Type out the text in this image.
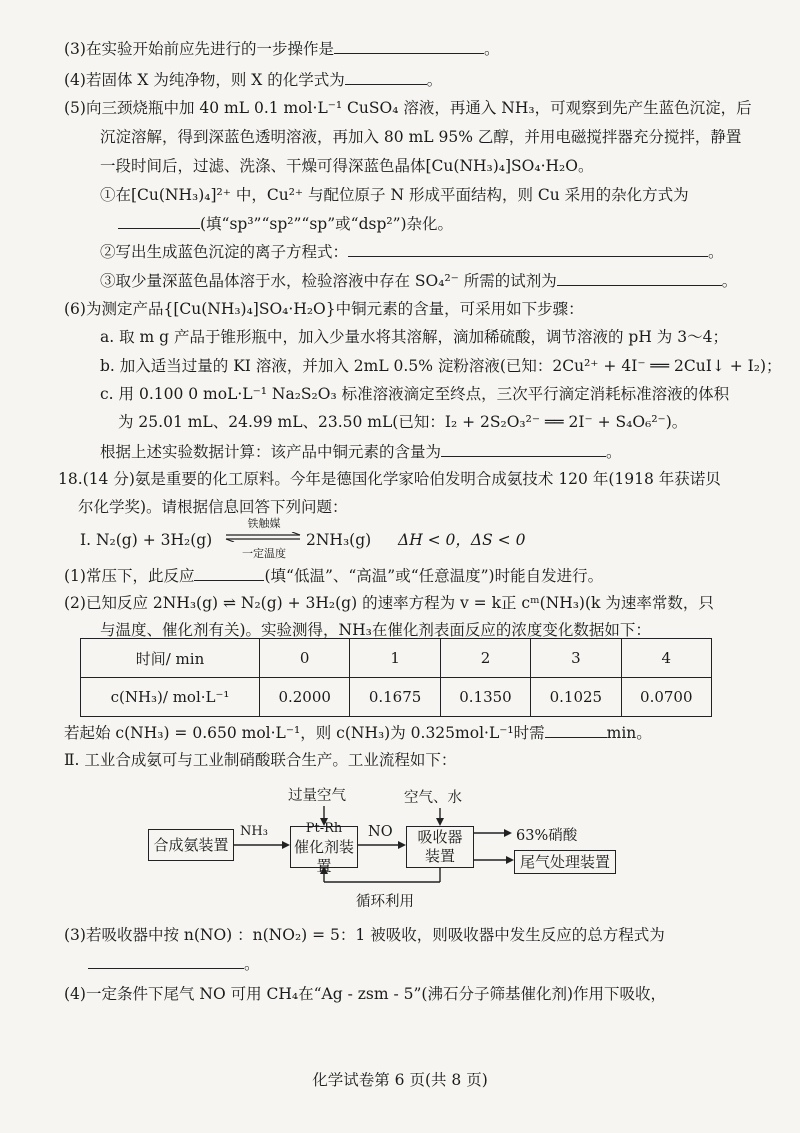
(3)在实验开始前应先进行的一步操作是	。
(4)若固体 X 为纯净物，则 X 的化学式为	。
(5)向三颈烧瓶中加 40 mL 0.1 mol·L⁻¹ CuSO₄ 溶液，再通入 NH₃，可观察到先产生蓝色沉淀，后
沉淀溶解，得到深蓝色透明溶液，再加入 80 mL 95% 乙醇，并用电磁搅拌器充分搅拌，静置
一段时间后，过滤、洗涤、干燥可得深蓝色晶体[Cu(NH₃)₄]SO₄·H₂O。
①在[Cu(NH₃)₄]²⁺ 中，Cu²⁺ 与配位原子 N 形成平面结构，则 Cu 采用的杂化方式为
(填“sp³”“sp²”“sp”或“dsp²”)杂化。
②写出生成蓝色沉淀的离子方程式：	。
③取少量深蓝色晶体溶于水，检验溶液中存在 SO₄²⁻ 所需的试剂为	。
(6)为测定产品{[Cu(NH₃)₄]SO₄·H₂O}中铜元素的含量，可采用如下步骤：
a. 取 m g 产品于锥形瓶中，加入少量水将其溶解，滴加稀硫酸，调节溶液的 pH 为 3～4；
b. 加入适当过量的 KI 溶液，并加入 2mL 0.5% 淀粉溶液(已知：2Cu²⁺ + 4I⁻ ══ 2CuI↓ + I₂)；
c. 用 0.100 0 moL·L⁻¹ Na₂S₂O₃ 标准溶液滴定至终点，三次平行滴定消耗标准溶液的体积
为 25.01 mL、24.99 mL、23.50 mL(已知：I₂ + 2S₂O₃²⁻ ══ 2I⁻ + S₄O₆²⁻)。
根据上述实验数据计算：该产品中铜元素的含量为	。
18.(14 分)氨是重要的化工原料。今年是德国化学家哈伯发明合成氨技术 120 年(1918 年获诺贝
尔化学奖)。请根据信息回答下列问题：
Ⅰ. N₂(g) + 3H₂(g)
铁触媒
一定温度
2NH₃(g) ΔH < 0，ΔS < 0
(1)常压下，此反应	(填“低温”、“高温”或“任意温度”)时能自发进行。
(2)已知反应 2NH₃(g) ⇌ N₂(g) + 3H₂(g) 的速率方程为 v = k正 cᵐ(NH₃)(k 为速率常数，只
与温度、催化剂有关)。实验测得，NH₃在催化剂表面反应的浓度变化数据如下：
时间/ min	0	1	2	3	4
c(NH₃)/ mol·L⁻¹	0.2000	0.1675	0.1350	0.1025	0.0700
若起始 c(NH₃) = 0.650 mol·L⁻¹，则 c(NH₃)为 0.325mol·L⁻¹时需	min。
Ⅱ. 工业合成氨可与工业制硝酸联合生产。工业流程如下：
过量空气	空气、水
合成氨装置
NH₃	Pt-Rh
催化剂装置
NO 吸收器
装置
63%硝酸
尾气处理装置
循环利用
(3)若吸收器中按 n(NO) ：n(NO₂) = 5：1 被吸收，则吸收器中发生反应的总方程式为
。
(4)一定条件下尾气 NO 可用 CH₄在“Ag - zsm - 5”(沸石分子筛基催化剂)作用下吸收，
化学试卷第 6 页(共 8 页)
